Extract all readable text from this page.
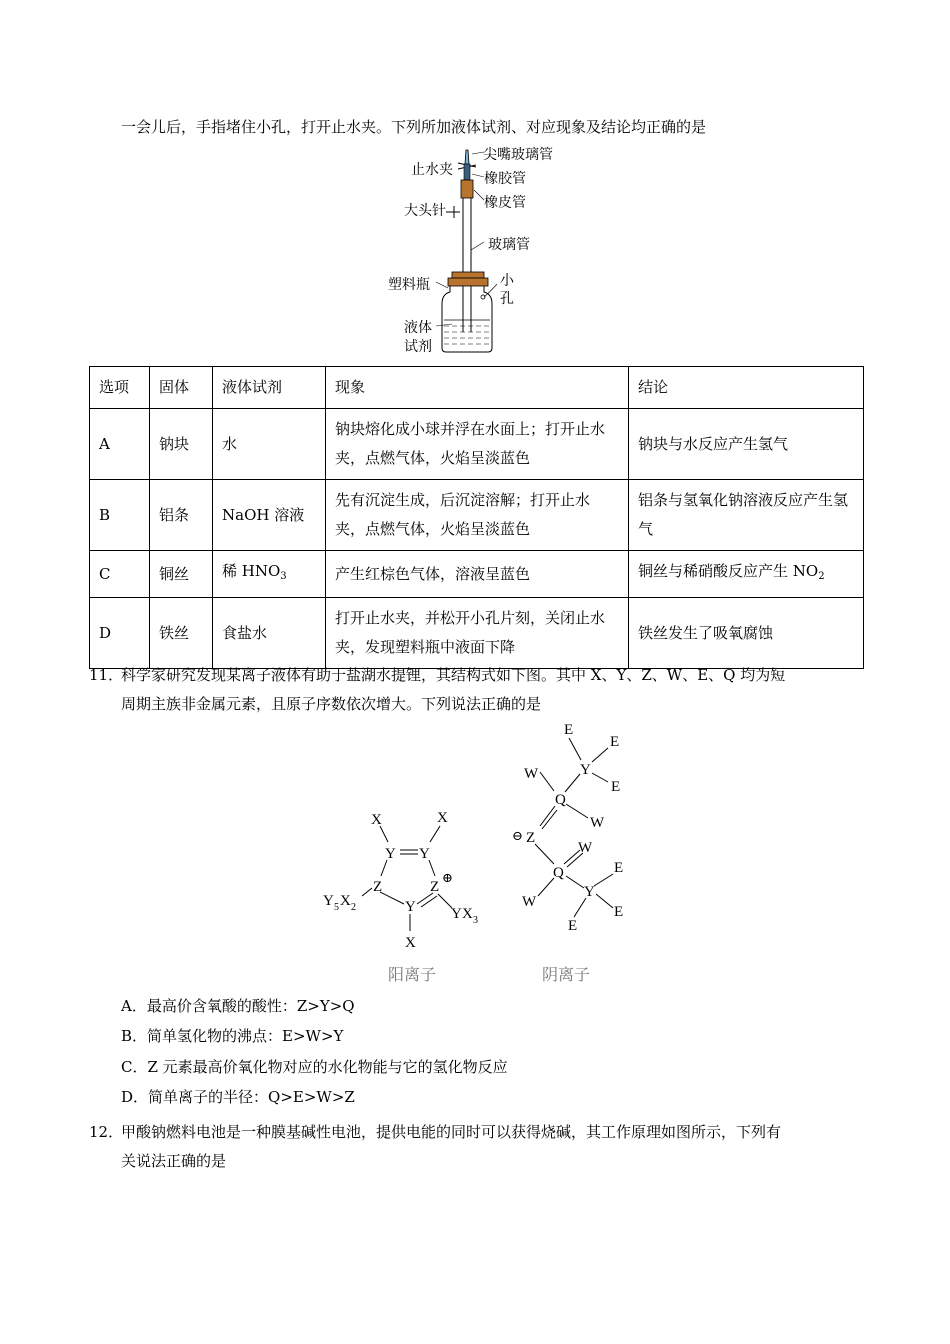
一会儿后，手指堵住小孔，打开止水夹。下列所加液体试剂、对应现象及结论均正确的是
尖嘴玻璃管
止水夹
橡胶管
橡皮管
大头针
玻璃管
小
孔
塑料瓶
液体
试剂
选项	固体	液体试剂	现象	结论
A	钠块	水	钠块熔化成小球并浮在水面上；打开止水夹，点燃气体，火焰呈淡蓝色	钠块与水反应产生氢气
B	铝条	NaOH 溶液	先有沉淀生成，后沉淀溶解；打开止水夹，点燃气体，火焰呈淡蓝色	铝条与氢氧化钠溶液反应产生氢气
C	铜丝	稀 $HNO_3$	产生红棕色气体，溶液呈蓝色	铜丝与稀硝酸反应产生 $NO_2$
D	铁丝	食盐水	打开止水夹，并松开小孔片刻，关闭止水夹，发现塑料瓶中液面下降	铁丝发生了吸氧腐蚀
11．
科学家研究发现某离子液体有助于盐湖水提锂，其结构式如下图。其中 X、Y、Z、W、E、Q 均为短
周期主族非金属元素，且原子序数依次增大。下列说法正确的是
X	X
Y Y
Z	Z
⊕
Y
X
Y 5 X 2	Y X 3
E
E
Y
E
W
Q
W
⊖ Z
W
Q	E
Y
W
E
E
阳离子	阴离子
A．最高价含氧酸的酸性：Z>Y>Q
B．简单氢化物的沸点：E>W>Y
C．Z 元素最高价氧化物对应的水化物能与它的氢化物反应
D．简单离子的半径：Q>E>W>Z
12．
甲酸钠燃料电池是一种膜基碱性电池，提供电能的同时可以获得烧碱，其工作原理如图所示，下列有
关说法正确的是
